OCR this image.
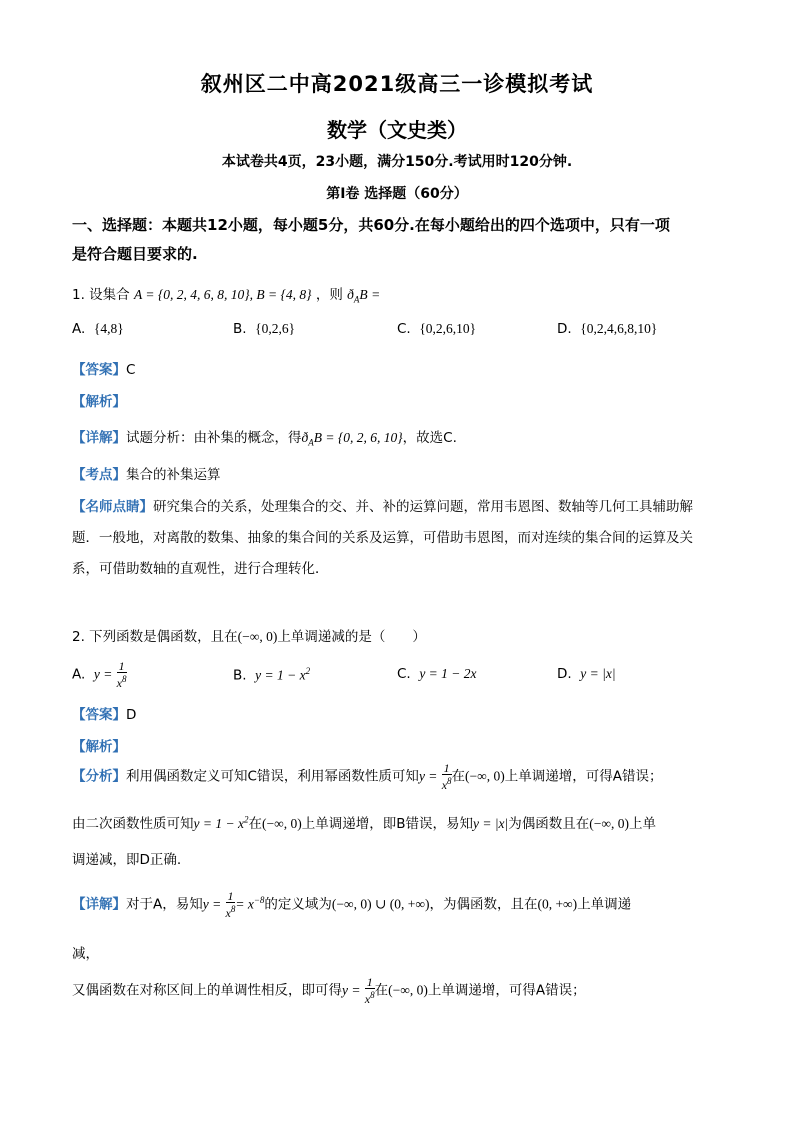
叙州区二中高2021级高三一诊模拟考试
数学（文史类）
本试卷共4页，23小题，满分150分.考试用时120分钟.
第I卷 选择题（60分）
一、选择题：本题共12小题，每小题5分，共60分.在每小题给出的四个选项中，只有一项
是符合题目要求的.
1. 设集合 A = {0, 2, 4, 6, 8, 10}, B = {4, 8} ，则 $ð_AB$ =
A. {4,8}	B. {0,2,6}	C. {0,2,6,10}	D. {0,2,4,6,8,10}
【答案】C
【解析】
【详解】试题分析：由补集的概念，得$ð_AB = \{0$, 2, 6, 10}，故选C.
【考点】集合的补集运算
【名师点睛】研究集合的关系，处理集合的交、并、补的运算问题，常用韦恩图、数轴等几何工具辅助解
题．一般地，对离散的数集、抽象的集合间的关系及运算，可借助韦恩图，而对连续的集合间的运算及关
系，可借助数轴的直观性，进行合理转化．
2. 下列函数是偶函数，且在(−∞, 0)上单调递减的是（　　）
A. $y = \frac{1}{x^8}$	B. $y = 1 - x^2$	C. y = 1 − 2x	D. y = |x|
【答案】D
【解析】
【分析】利用偶函数定义可知C错误，利用幂函数性质可知$y = \frac{1}{x^8}$ 在(−∞, 0)上单调递增，可得A错误；
由二次函数性质可知$y = 1 - x^2$在(−∞, 0)上单调递增，即B错误，易知y = |x|为偶函数且在(−∞, 0)上单
调递减，即D正确.
【详解】对于A，易知$y = \frac{1}{x^8} = x^{-8}$的定义域为(−∞, 0) ∪ (0, +∞)，为偶函数，且在(0, +∞)上单调递
减，
又偶函数在对称区间上的单调性相反，即可得$y = \frac{1}{x^8}$ 在(−∞, 0)上单调递增，可得A错误；
